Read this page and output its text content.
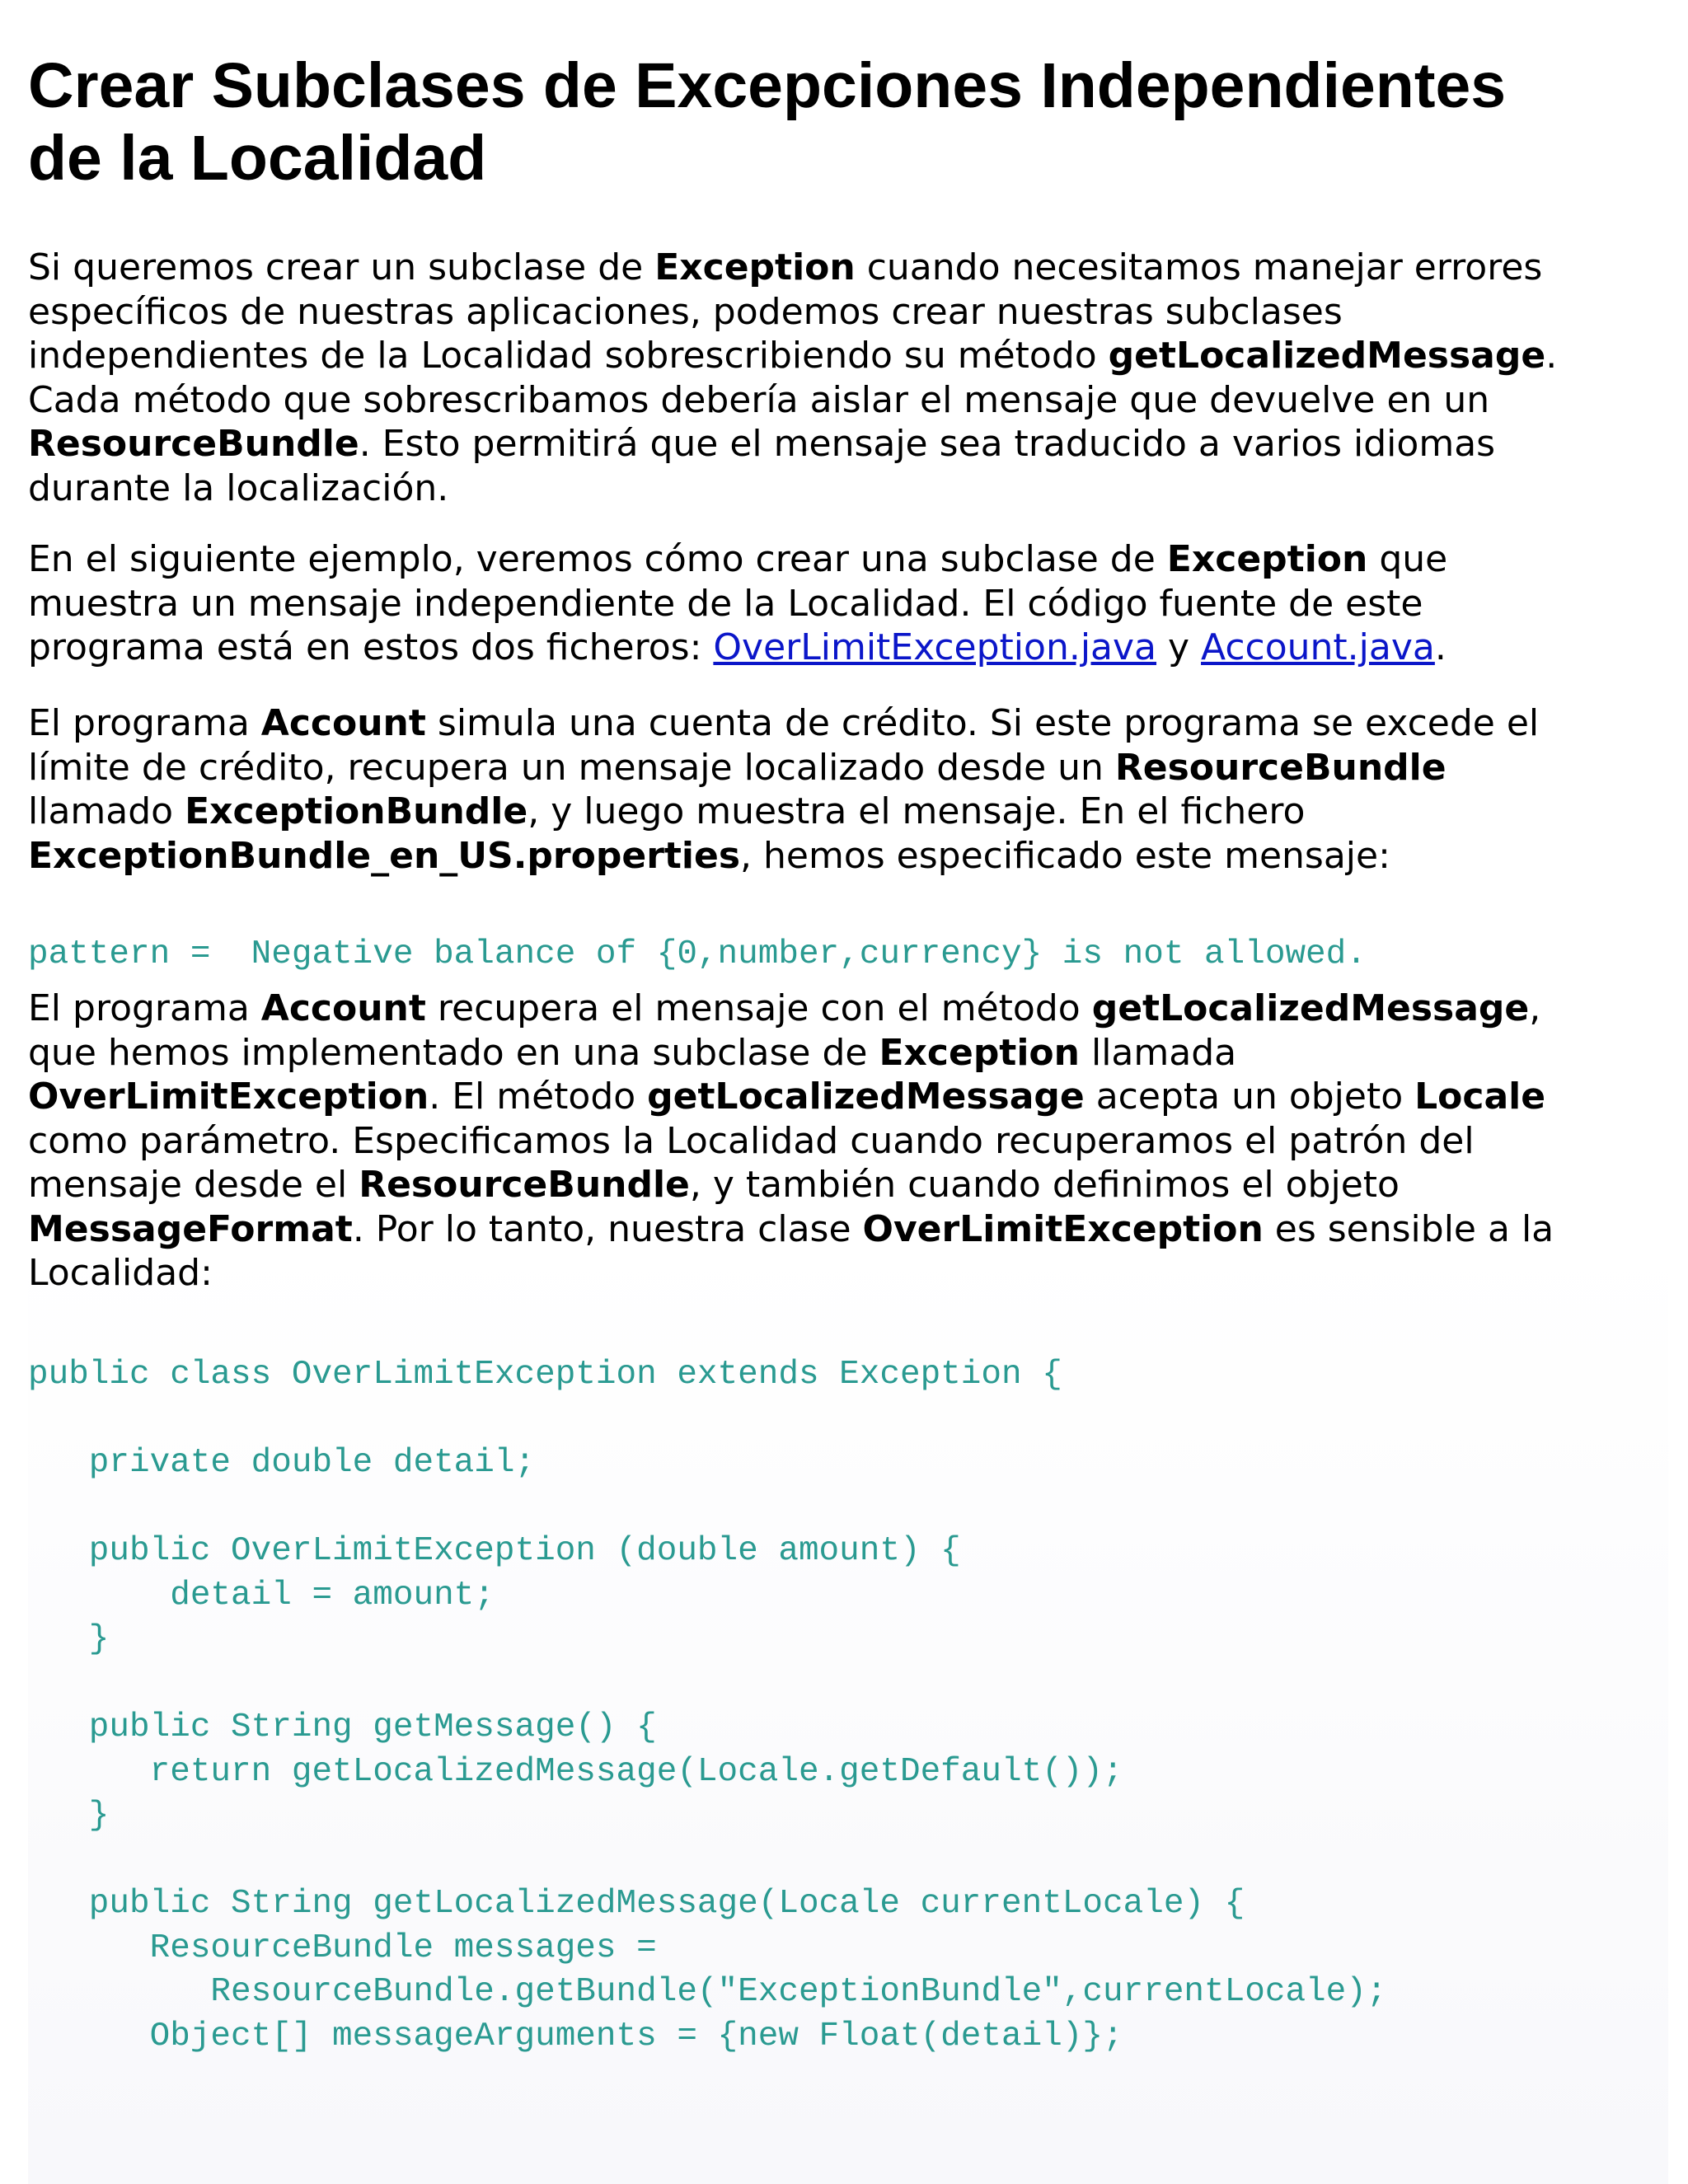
Crear Subclases de Excepciones Independientes
de la Localidad
Si queremos crear un subclase de Exception cuando necesitamos manejar errores
específicos de nuestras aplicaciones, podemos crear nuestras subclases
independientes de la Localidad sobrescribiendo su método getLocalizedMessage.
Cada método que sobrescribamos debería aislar el mensaje que devuelve en un
ResourceBundle. Esto permitirá que el mensaje sea traducido a varios idiomas
durante la localización.
En el siguiente ejemplo, veremos cómo crear una subclase de Exception que
muestra un mensaje independiente de la Localidad. El código fuente de este
programa está en estos dos ficheros: OverLimitException.java y Account.java.
El programa Account simula una cuenta de crédito. Si este programa se excede el
límite de crédito, recupera un mensaje localizado desde un ResourceBundle
llamado ExceptionBundle, y luego muestra el mensaje. En el fichero
ExceptionBundle_en_US.properties, hemos especificado este mensaje:
pattern =  Negative balance of {0,number,currency} is not allowed.
El programa Account recupera el mensaje con el método getLocalizedMessage,
que hemos implementado en una subclase de Exception llamada
OverLimitException. El método getLocalizedMessage acepta un objeto Locale
como parámetro. Especificamos la Localidad cuando recuperamos el patrón del
mensaje desde el ResourceBundle, y también cuando definimos el objeto
MessageFormat. Por lo tanto, nuestra clase OverLimitException es sensible a la
Localidad:
public class OverLimitException extends Exception {
private double detail;
public OverLimitException (double amount) {
detail = amount;
}
public String getMessage() {
return getLocalizedMessage(Locale.getDefault());
}
public String getLocalizedMessage(Locale currentLocale) {
ResourceBundle messages =
ResourceBundle.getBundle("ExceptionBundle",currentLocale);
Object[] messageArguments = {new Float(detail)};
